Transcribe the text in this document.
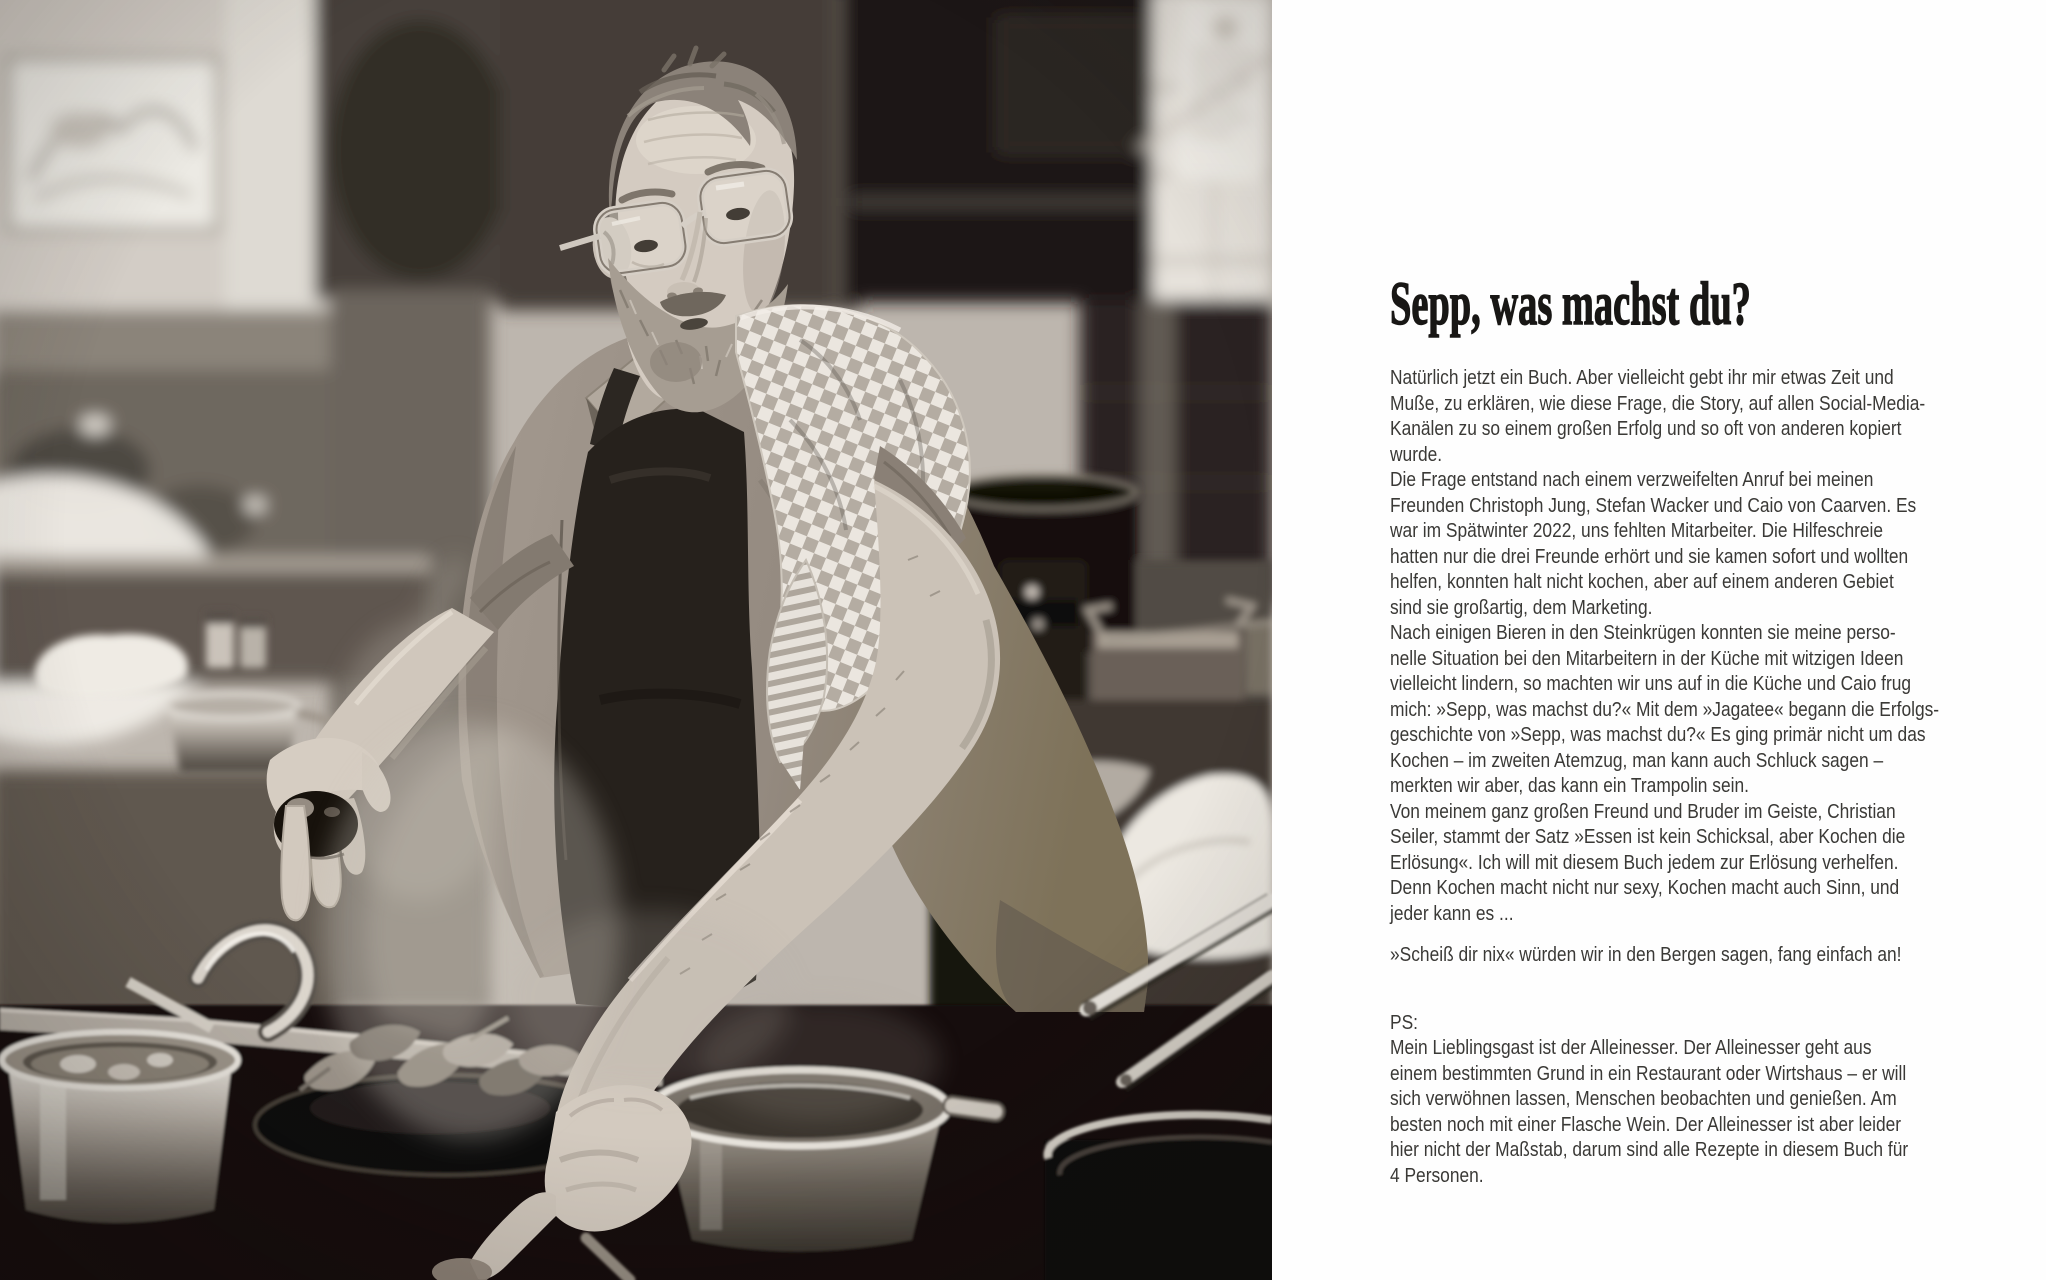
Sepp, was machst du?
Natürlich jetzt ein Buch. Aber vielleicht gebt ihr mir etwas Zeit und
Muße, zu erklären, wie diese Frage, die Story, auf allen Social-Media-
Kanälen zu so einem großen Erfolg und so oft von anderen kopiert
wurde.
Die Frage entstand nach einem verzweifelten Anruf bei meinen
Freunden Christoph Jung, Stefan Wacker und Caio von Caarven. Es
war im Spätwinter 2022, uns fehlten Mitarbeiter. Die Hilfeschreie
hatten nur die drei Freunde erhört und sie kamen sofort und wollten
helfen, konnten halt nicht kochen, aber auf einem anderen Gebiet
sind sie großartig, dem Marketing.
Nach einigen Bieren in den Steinkrügen konnten sie meine perso-
nelle Situation bei den Mitarbeitern in der Küche mit witzigen Ideen
vielleicht lindern, so machten wir uns auf in die Küche und Caio frug
mich: »Sepp, was machst du?« Mit dem »Jagatee« begann die Erfolgs-
geschichte von »Sepp, was machst du?« Es ging primär nicht um das
Kochen – im zweiten Atemzug, man kann auch Schluck sagen –
merkten wir aber, das kann ein Trampolin sein.
Von meinem ganz großen Freund und Bruder im Geiste, Christian
Seiler, stammt der Satz »Essen ist kein Schicksal, aber Kochen die
Erlösung«. Ich will mit diesem Buch jedem zur Erlösung verhelfen.
Denn Kochen macht nicht nur sexy, Kochen macht auch Sinn, und
jeder kann es ...
»Scheiß dir nix« würden wir in den Bergen sagen, fang einfach an!
PS:
Mein Lieblingsgast ist der Alleinesser. Der Alleinesser geht aus
einem bestimmten Grund in ein Restaurant oder Wirtshaus – er will
sich verwöhnen lassen, Menschen beobachten und genießen. Am
besten noch mit einer Flasche Wein. Der Alleinesser ist aber leider
hier nicht der Maßstab, darum sind alle Rezepte in diesem Buch für
4 Personen.
